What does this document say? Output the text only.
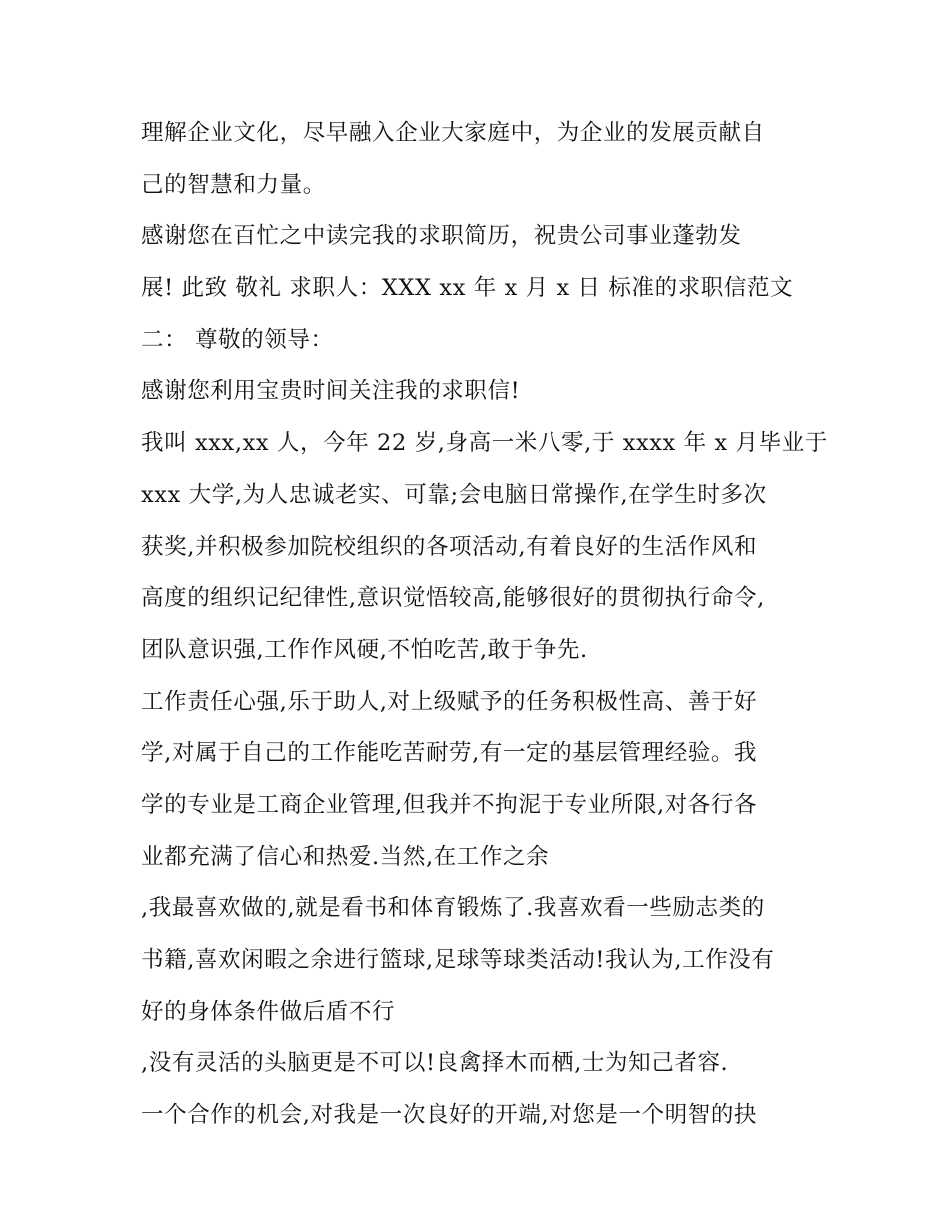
理解企业文化，尽早融入企业大家庭中，为企业的发展贡献自
己的智慧和力量。
感谢您在百忙之中读完我的求职简历，祝贵公司事业蓬勃发
展! 此致 敬礼 求职人：XXX xx 年 x 月 x 日 标准的求职信范文
二： 尊敬的领导：
感谢您利用宝贵时间关注我的求职信!
我叫 xxx,xx 人，今年 22 岁,身高一米八零,于 xxxx 年 x 月毕业于
xxx 大学,为人忠诚老实、可靠;会电脑日常操作,在学生时多次
获奖,并积极参加院校组织的各项活动,有着良好的生活作风和
高度的组织记纪律性,意识觉悟较高,能够很好的贯彻执行命令,
团队意识强,工作作风硬,不怕吃苦,敢于争先.
工作责任心强,乐于助人,对上级赋予的任务积极性高、善于好
学,对属于自己的工作能吃苦耐劳,有一定的基层管理经验。我
学的专业是工商企业管理,但我并不拘泥于专业所限,对各行各
业都充满了信心和热爱.当然,在工作之余
,我最喜欢做的,就是看书和体育锻炼了.我喜欢看一些励志类的
书籍,喜欢闲暇之余进行篮球,足球等球类活动!我认为,工作没有
好的身体条件做后盾不行
,没有灵活的头脑更是不可以!良禽择木而栖,士为知己者容.
一个合作的机会,对我是一次良好的开端,对您是一个明智的抉
